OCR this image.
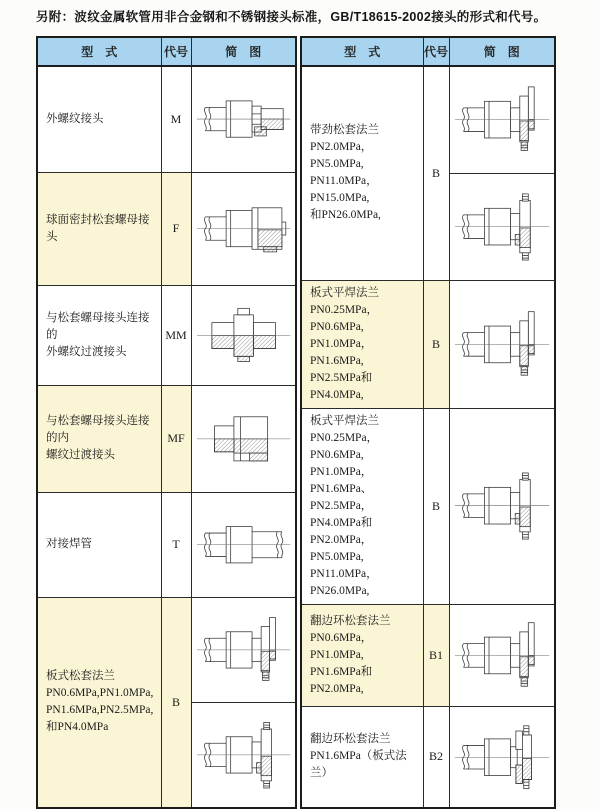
另附：波纹金属软管用非合金钢和不锈钢接头标准，GB/T18615-2002接头的形式和代号。
型　式	代号	简　图

外螺纹接头	M	

球面密封松套螺母接头	F	

与松套螺母接头连接的
外螺纹过渡接头	MM	

与松套螺母接头连接的内
螺纹过渡接头	MF	

对接焊管	T	

板式松套法兰
PN0.6MPa,PN1.0MPa,
PN1.6MPa,PN2.5MPa,
和PN4.0MPa	B	
型　式	代号	简　图

带劲松套法兰
PN2.0MPa，PN5.0MPa,
PN11.0MPa，PN15.0MPa,
和PN26.0MPa,	B	

板式平焊法兰
PN0.25MPa，PN0.6MPa,
PN1.0MPa，PN1.6MPa,
PN2.5MPa和PN4.0MPa,	B	

板式平焊法兰
PN0.25MPa，PN0.6MPa,
PN1.0MPa，PN1.6MPa、
PN2.5MPa，PN4.0MPa和
PN2.0MPa，PN5.0MPa,
PN11.0MPa，PN26.0MPa,
	B	

翻边环松套法兰
PN0.6MPa，PN1.0MPa,
PN1.6MPa和PN2.0MPa,	B1	

翻边环松套法兰
PN1.6MPa（板式法兰）	B2	
